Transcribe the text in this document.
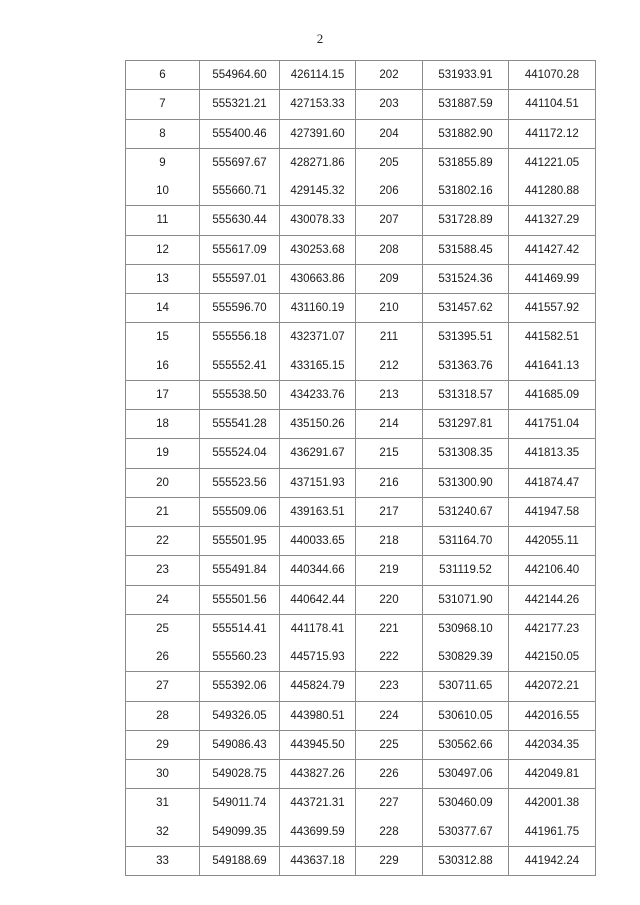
2
6	554964.60	426114.15	202	531933.91	441070.28
7	555321.21	427153.33	203	531887.59	441104.51
8	555400.46	427391.60	204	531882.90	441172.12
9	555697.67	428271.86	205	531855.89	441221.05
10	555660.71	429145.32	206	531802.16	441280.88
11	555630.44	430078.33	207	531728.89	441327.29
12	555617.09	430253.68	208	531588.45	441427.42
13	555597.01	430663.86	209	531524.36	441469.99
14	555596.70	431160.19	210	531457.62	441557.92
15	555556.18	432371.07	211	531395.51	441582.51
16	555552.41	433165.15	212	531363.76	441641.13
17	555538.50	434233.76	213	531318.57	441685.09
18	555541.28	435150.26	214	531297.81	441751.04
19	555524.04	436291.67	215	531308.35	441813.35
20	555523.56	437151.93	216	531300.90	441874.47
21	555509.06	439163.51	217	531240.67	441947.58
22	555501.95	440033.65	218	531164.70	442055.11
23	555491.84	440344.66	219	531119.52	442106.40
24	555501.56	440642.44	220	531071.90	442144.26
25	555514.41	441178.41	221	530968.10	442177.23
26	555560.23	445715.93	222	530829.39	442150.05
27	555392.06	445824.79	223	530711.65	442072.21
28	549326.05	443980.51	224	530610.05	442016.55
29	549086.43	443945.50	225	530562.66	442034.35
30	549028.75	443827.26	226	530497.06	442049.81
31	549011.74	443721.31	227	530460.09	442001.38
32	549099.35	443699.59	228	530377.67	441961.75
33	549188.69	443637.18	229	530312.88	441942.24
